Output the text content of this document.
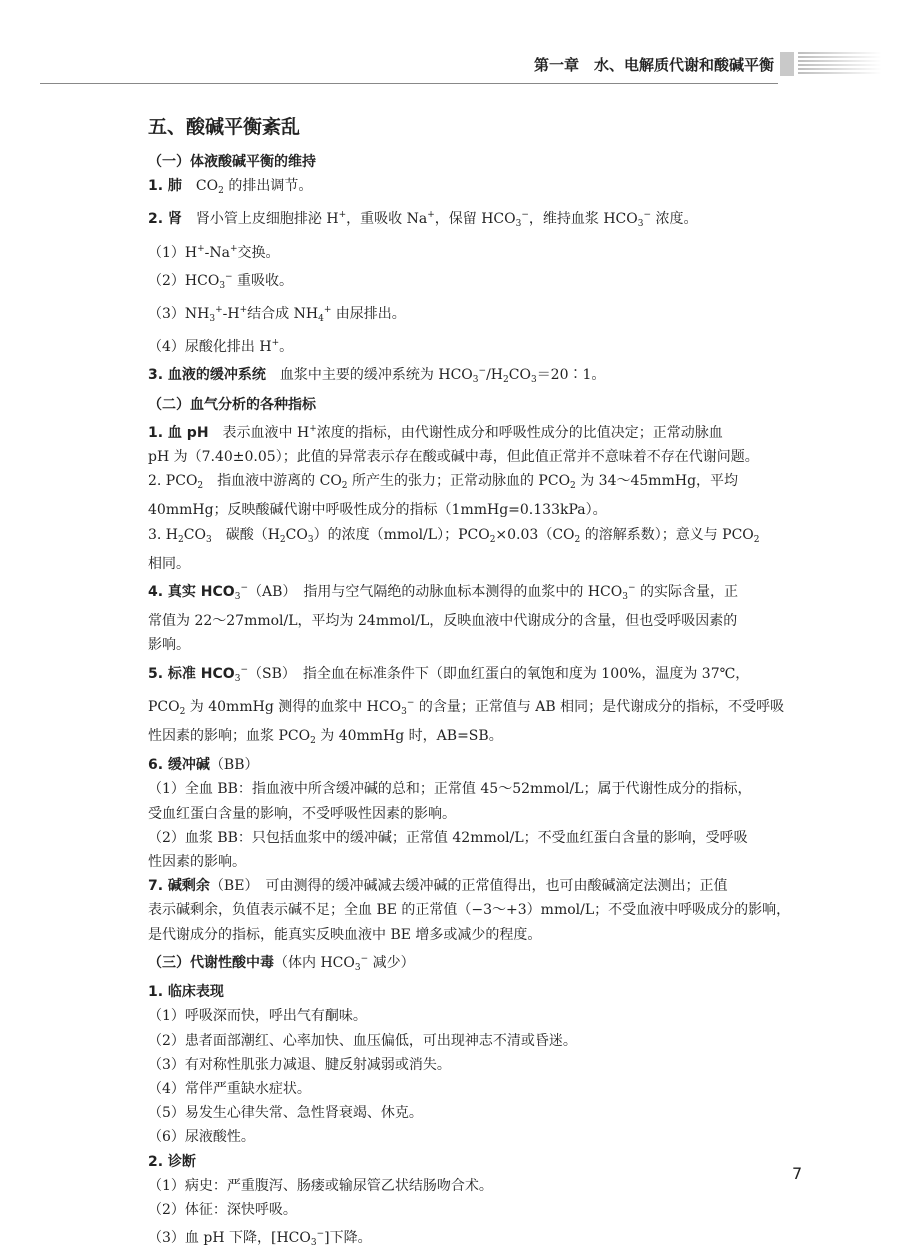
第一章　水、电解质代谢和酸碱平衡
五、酸碱平衡紊乱
（一）体液酸碱平衡的维持
1. 肺　$CO_2$ 的排出调节。
2. 肾　肾小管上皮细胞排泌 H+，重吸收 Na+，保留 $HCO_3^-$，维持血浆 $HCO_3^-$ 浓度。
（1）H+-Na+交换。
$(2)HCO_3^-$ 重吸收。
$(3)NH_3^+-H^+$结合成 $NH_4^+$ 由尿排出。
（4）尿酸化排出 H+。
3. 血液的缓冲系统　血浆中主要的缓冲系统为 $HCO_3^-/H_2CO_3=20∶1$。
（二）血气分析的各种指标
1. 血 pH　表示血液中 H+浓度的指标，由代谢性成分和呼吸性成分的比值决定；正常动脉血
pH 为（7.40±0.05）；此值的异常表示存在酸或碱中毒，但此值正常并不意味着不存在代谢问题。
2. $PCO_2$　指血液中游离的 $CO_2$ 所产生的张力；正常动脉血的 $PCO_2$ 为 34～45mmHg，平均
40mmHg；反映酸碱代谢中呼吸性成分的指标（1mmHg=0.133kPa）。
3. $H_2CO_3$　碳酸$(H_2CO_3)$的浓度（mmol/L）；$PCO_2\times 0.03(CO_2$ 的溶解系数）；意义与 $PCO_2$
相同。
4. 真实 $HCO_3^-(AB)$　指用与空气隔绝的动脉血标本测得的血浆中的 $HCO_3^-$ 的实际含量，正
常值为 22～27mmol/L，平均为 24mmol/L，反映血液中代谢成分的含量，但也受呼吸因素的
影响。
5. 标准 $HCO_3^-(SB)$　指全血在标准条件下（即血红蛋白的氧饱和度为 100%，温度为 37℃，
$PCO_2$ 为 40mmHg 测得的血浆中 $HCO_3^-$ 的含量；正常值与 AB 相同；是代谢成分的指标，不受呼吸
性因素的影响；血浆 $PCO_2$ 为 40mmHg 时，AB=SB。
6. 缓冲碱（BB）
（1）全血 BB：指血液中所含缓冲碱的总和；正常值 45～52mmol/L；属于代谢性成分的指标，
受血红蛋白含量的影响，不受呼吸性因素的影响。
（2）血浆 BB：只包括血浆中的缓冲碱；正常值 42mmol/L；不受血红蛋白含量的影响，受呼吸
性因素的影响。
7. 碱剩余（BE）　可由测得的缓冲碱减去缓冲碱的正常值得出，也可由酸碱滴定法测出；正值
表示碱剩余，负值表示碱不足；全血 BE 的正常值（−3～+3）mmol/L；不受血液中呼吸成分的影响，
是代谢成分的指标，能真实反映血液中 BE 增多或减少的程度。
（三）代谢性酸中毒（体内 $HCO_3^-$ 减少）
1. 临床表现
（1）呼吸深而快，呼出气有酮味。
（2）患者面部潮红、心率加快、血压偏低，可出现神志不清或昏迷。
（3）有对称性肌张力减退、腱反射减弱或消失。
（4）常伴严重缺水症状。
（5）易发生心律失常、急性肾衰竭、休克。
（6）尿液酸性。
2. 诊断
（1）病史：严重腹泻、肠瘘或输尿管乙状结肠吻合术。
（2）体征：深快呼吸。
（3）血 pH 下降，$[HCO_3^-]$下降。
7
